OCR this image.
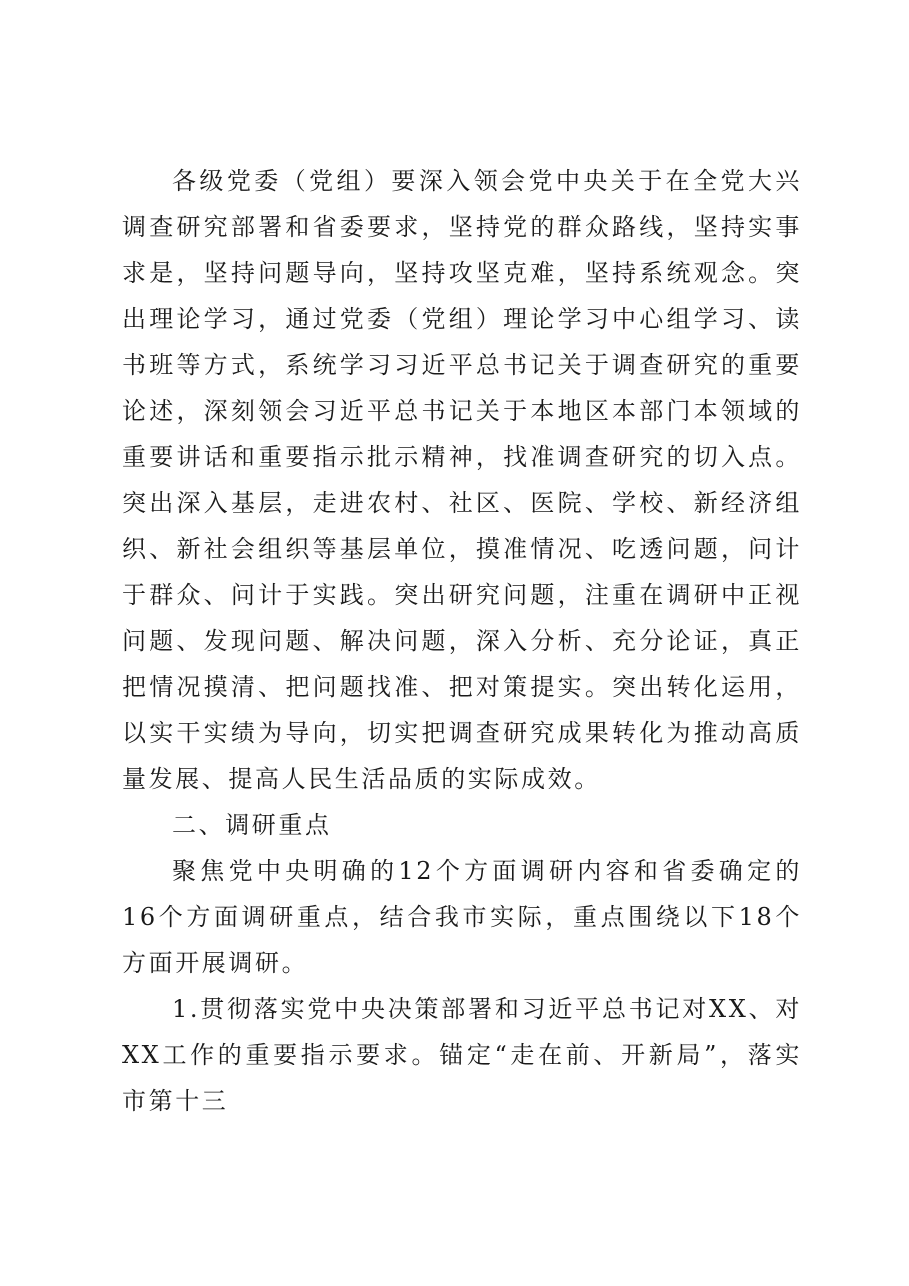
各级党委（党组）要深入领会党中央关于在全党大兴调查研究部署和省委要求，坚持党的群众路线，坚持实事求是，坚持问题导向，坚持攻坚克难，坚持系统观念。突出理论学习，通过党委（党组）理论学习中心组学习、读书班等方式，系统学习习近平总书记关于调查研究的重要论述，深刻领会习近平总书记关于本地区本部门本领域的重要讲话和重要指示批示精神，找准调查研究的切入点。突出深入基层，走进农村、社区、医院、学校、新经济组织、新社会组织等基层单位，摸准情况、吃透问题，问计于群众、问计于实践。突出研究问题，注重在调研中正视问题、发现问题、解决问题，深入分析、充分论证，真正把情况摸清、把问题找准、把对策提实。突出转化运用，以实干实绩为导向，切实把调查研究成果转化为推动高质量发展、提高人民生活品质的实际成效。

二、调研重点

聚焦党中央明确的12个方面调研内容和省委确定的16个方面调研重点，结合我市实际，重点围绕以下18个方面开展调研。

1.贯彻落实党中央决策部署和习近平总书记对XX、对XX工作的重要指示要求。锚定“走在前、开新局”，落实市第十三
